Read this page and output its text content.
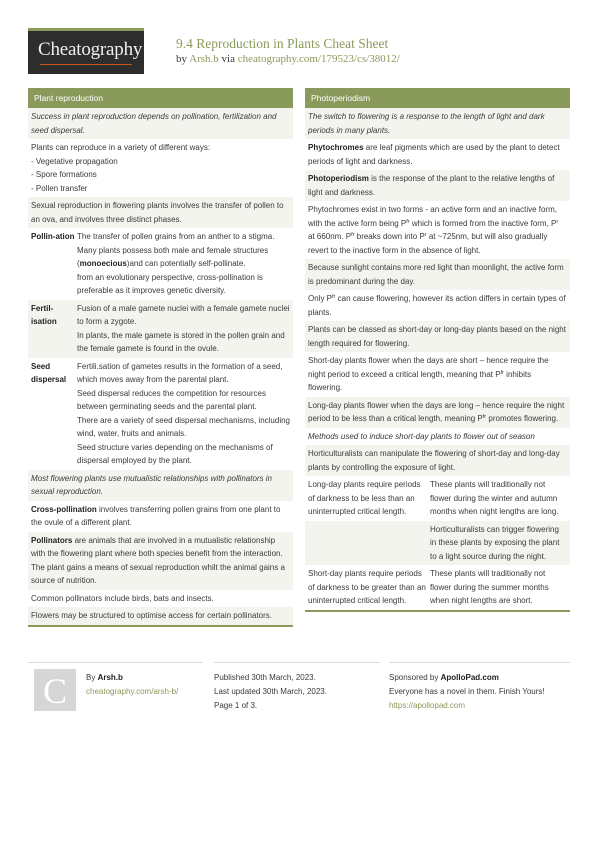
Cheatography	9.4 Reproduction in Plants Cheat Sheet
by Arsh.b via cheatography.com/179523/cs/38012/
Plant reproduction
Success in plant reproduction depends on pollination, fertilization and seed dispersal.
Plants can reproduce in a variety of different ways:
- Vegetative propagation
- Spore formations
- Pollen transfer
Sexual reproduction in flowering plants involves the transfer of pollen to an ova, and involves three distinct phases.
Pollin-ation The transfer of pollen grains from an anther to a stigma.
Many plants possess both male and female structures (monoecious)and can potentially self-pollinate.
from an evolutionary perspective, cross-pollination is preferable as it improves genetic diversity.
Fertil-isation
Fusion of a male gamete nuclei with a female gamete nuclei to form a zygote.
In plants, the male gamete is stored in the pollen grain and the female gamete is found in the ovule.
Seed dispersal
Fertili.sation of gametes results in the formation of a seed, which moves away from the parental plant.
Seed dispersal reduces the competition for resources between germinating seeds and the parental plant.
There are a variety of seed dispersal mechanisms, including wind, water, fruits and animals.
Seed structure varies depending on the mechanisms of dispersal employed by the plant.
Most flowering plants use mutualistic relationships with pollinators in sexual reproduction.
Cross-pollination involves transferring pollen grains from one plant to the ovule of a different plant.
Pollinators are animals that are involved in a mutualistic relationship with the flowering plant where both species benefit from the interaction.
The plant gains a means of sexual reproduction whilt the animal gains a source of nutrition.
Common pollinators include birds, bats and insects.
Flowers may be structured to optimise access for certain pollinators.
Photoperiodism
The switch to flowering is a response to the length of light and dark periods in many plants.
Phytochromes are leaf pigments which are used by the plant to detect periods of light and darkness.
Photoperiodism is the response of the plant to the relative lengths of light and darkness.
Phytochromes exist in two forms - an active form and an inactive form, with the active form being $P^{fr}$ which is formed from the inactive form, $P^r$ at 660nm. $P^{fr}$ breaks down into $P^r$ at ~725nm, but will also gradually revert to the inactive form in the absence of light.
Because sunlight contains more red light than moonlight, the active form is predominant during the day.
Only $P^{fr}$ can cause flowering, however its action differs in certain types of plants.
Plants can be classed as short-day or long-day plants based on the night length required for flowering.
Short-day plants flower when the days are short – hence require the night period to exceed a critical length, meaning that $P^{fr}$ inhibits flowering.
Long-day plants flower when the days are long – hence require the night period to be less than a critical length, meaning $P^{fr}$ promotes flowering.
Methods used to induce short-day plants to flower out of season
Horticulturalists can manipulate the flowering of short-day and long-day plants by controlling the exposure of light.
Long-day plants require periods of darkness to be less than an uninterrupted critical length.
These plants will traditionally not flower during the winter and autumn months when night lengths are long.
Horticulturalists can trigger flowering in these plants by exposing the plant to a light source during the night.
Short-day plants require periods of darkness to be greater than an uninterrupted critical length.
These plants will traditionally not flower during the summer months when night lengths are short.
C	By Arsh.b
cheatography.com/arsh-b/
Published 30th March, 2023.
Last updated 30th March, 2023.
Page 1 of 3.
Sponsored by ApolloPad.com
Everyone has a novel in them. Finish Yours!
https://apollopad.com
